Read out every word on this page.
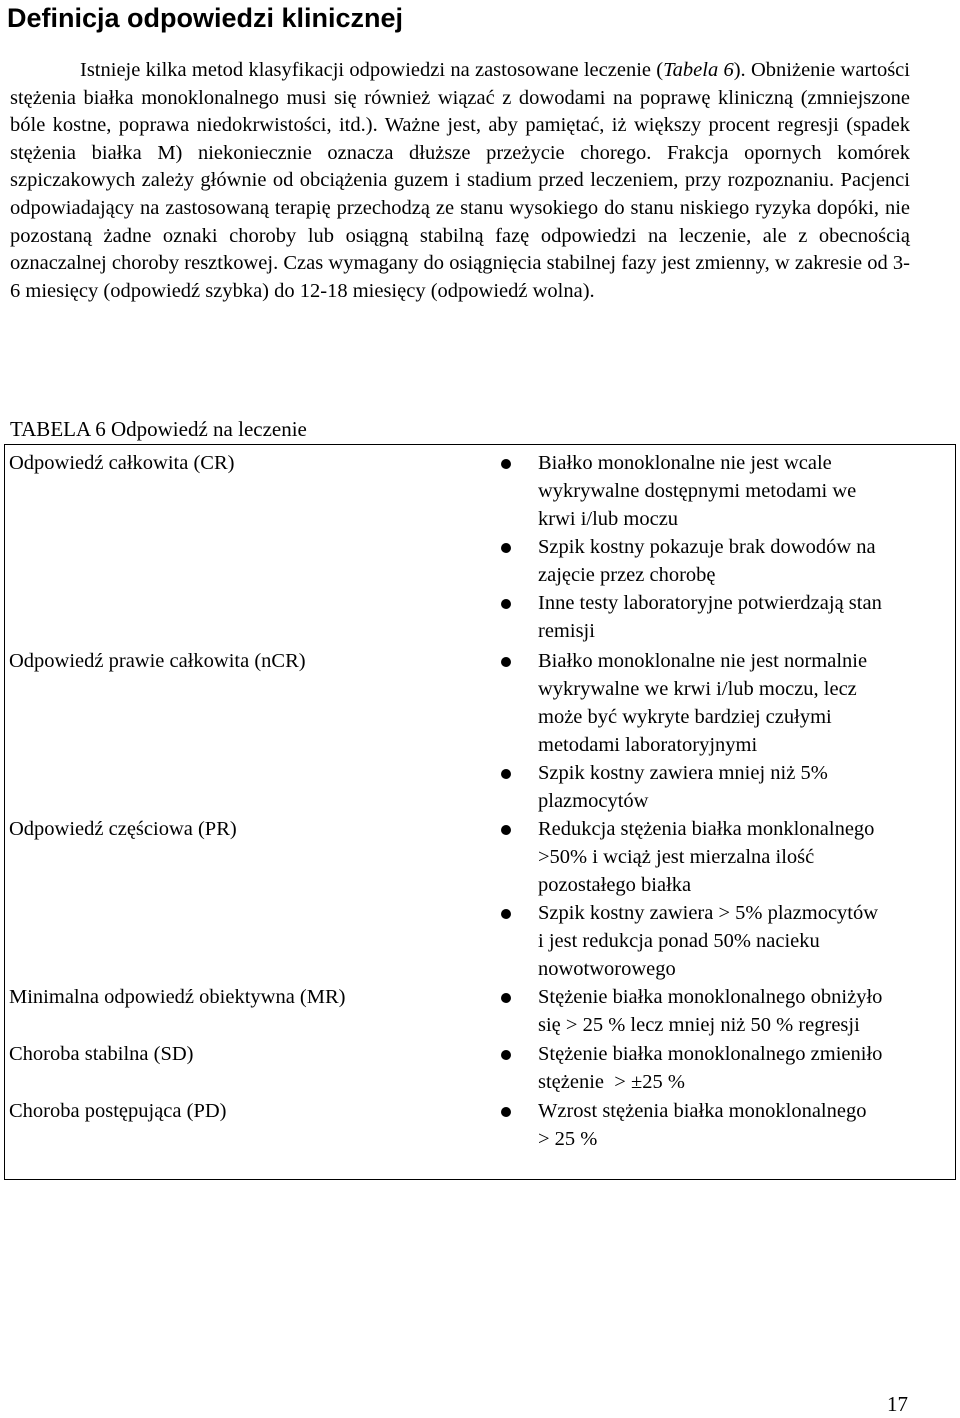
Definicja odpowiedzi klinicznej

Istnieje kilka metod klasyfikacji odpowiedzi na zastosowane leczenie (Tabela 6). Obniżenie wartości stężenia białka monoklonalnego musi się również wiązać z dowodami na poprawę kliniczną (zmniejszone bóle kostne, poprawa niedokrwistości, itd.). Ważne jest, aby pamiętać, iż większy procent regresji (spadek stężenia białka M) niekoniecznie oznacza dłuższe przeżycie chorego. Frakcja opornych komórek szpiczakowych zależy głównie od obciążenia guzem i stadium przed leczeniem, przy rozpoznaniu. Pacjenci odpowiadający na zastosowaną terapię przechodzą ze stanu wysokiego do stanu niskiego ryzyka dopóki, nie pozostaną żadne oznaki choroby lub osiągną stabilną fazę odpowiedzi na leczenie, ale z obecnością oznaczalnej choroby resztkowej. Czas wymagany do osiągnięcia stabilnej fazy jest zmienny, w zakresie od 3-6 miesięcy (odpowiedź szybka) do 12-18 miesięcy (odpowiedź wolna).

TABELA 6 Odpowiedź na leczenie
Odpowiedź całkowita (CR)	Białko monoklonalne nie jest wcale
wykrywalne dostępnymi metodami we
krwi i/lub moczu
Szpik kostny pokazuje brak dowodów na
zajęcie przez chorobę
Inne testy laboratoryjne potwierdzają stan
remisji
Odpowiedź prawie całkowita (nCR)	Białko monoklonalne nie jest normalnie
wykrywalne we krwi i/lub moczu, lecz
może być wykryte bardziej czułymi
metodami laboratoryjnymi
Szpik kostny zawiera mniej niż 5%
plazmocytów
Odpowiedź częściowa (PR)	Redukcja stężenia białka monklonalnego
>50% i wciąż jest mierzalna ilość
pozostałego białka
Szpik kostny zawiera > 5% plazmocytów
i jest redukcja ponad 50% nacieku
nowotworowego
Minimalna odpowiedź obiektywna (MR)	Stężenie białka monoklonalnego obniżyło
się > 25 % lecz mniej niż 50 % regresji
Choroba stabilna (SD)	Stężenie białka monoklonalnego zmieniło
stężenie  > ±25 %
Choroba postępująca (PD)	Wzrost stężenia białka monoklonalnego
> 25 %
17
